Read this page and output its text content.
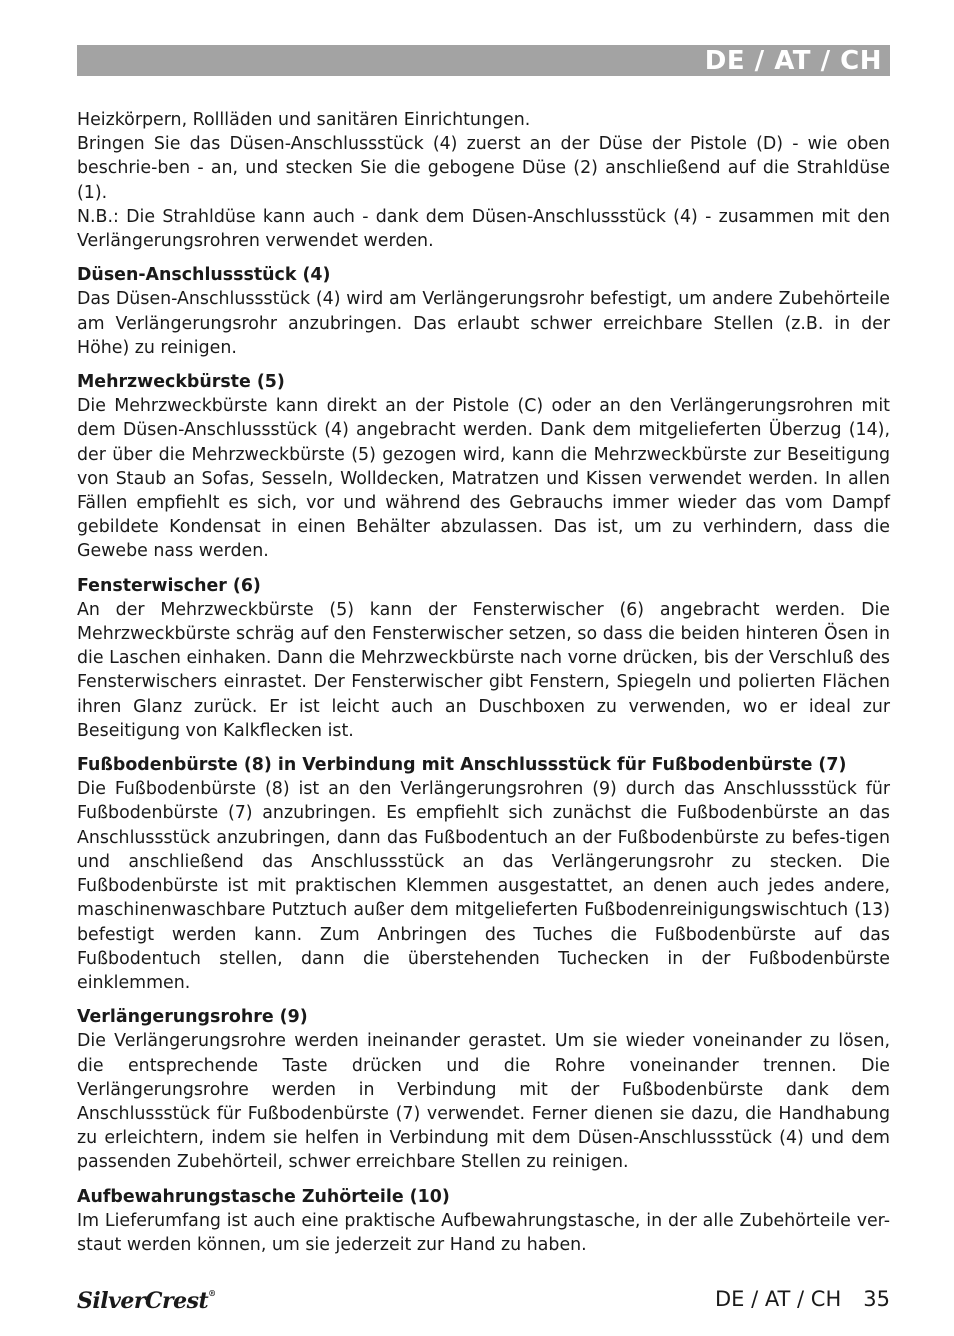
DE / AT / CH

Heizkörpern, Rollläden und sanitären Einrichtungen.

Bringen Sie das Düsen-Anschlussstück (4) zuerst an der Düse der Pistole (D) - wie oben beschrie-ben - an, und stecken Sie die gebogene Düse (2) anschließend auf die Strahldüse (1).

N.B.: Die Strahldüse kann auch - dank dem Düsen-Anschlussstück (4) - zusammen mit den Verlängerungsrohren verwendet werden.

Düsen-Anschlussstück (4)

Das Düsen-Anschlussstück (4) wird am Verlängerungsrohr befestigt, um andere Zubehörteile am Verlängerungsrohr anzubringen. Das erlaubt schwer erreichbare Stellen (z.B. in der Höhe) zu reinigen.

Mehrzweckbürste (5)

Die Mehrzweckbürste kann direkt an der Pistole (C) oder an den Verlängerungsrohren mit dem Düsen-Anschlussstück (4) angebracht werden. Dank dem mitgelieferten Überzug (14), der über die Mehrzweckbürste (5) gezogen wird, kann die Mehrzweckbürste zur Beseitigung von Staub an Sofas, Sesseln, Wolldecken, Matratzen und Kissen verwendet werden. In allen Fällen empfiehlt es sich, vor und während des Gebrauchs immer wieder das vom Dampf gebildete Kondensat in einen Behälter abzulassen. Das ist, um zu verhindern, dass die Gewebe nass werden.

Fensterwischer (6)

An der Mehrzweckbürste (5) kann der Fensterwischer (6) angebracht werden. Die Mehrzweckbürste schräg auf den Fensterwischer setzen, so dass die beiden hinteren Ösen in die Laschen einhaken. Dann die Mehrzweckbürste nach vorne drücken, bis der Verschluß des Fensterwischers einrastet. Der Fensterwischer gibt Fenstern, Spiegeln und polierten Flächen ihren Glanz zurück. Er ist leicht auch an Duschboxen zu verwenden, wo er ideal zur Beseitigung von Kalkflecken ist.

Fußbodenbürste (8) in Verbindung mit Anschlussstück für Fußbodenbürste (7)

Die Fußbodenbürste (8) ist an den Verlängerungsrohren (9) durch das Anschlussstück für Fußbodenbürste (7) anzubringen. Es empfiehlt sich zunächst die Fußbodenbürste an das Anschlussstück anzubringen, dann das Fußbodentuch an der Fußbodenbürste zu befes-tigen und anschließend das Anschlussstück an das Verlängerungsrohr zu stecken. Die Fußbodenbürste ist mit praktischen Klemmen ausgestattet, an denen auch jedes andere, maschinenwaschbare Putztuch außer dem mitgelieferten Fußbodenreinigungswischtuch (13) befestigt werden kann. Zum Anbringen des Tuches die Fußbodenbürste auf das Fußbodentuch stellen, dann die überstehenden Tuchecken in der Fußbodenbürste einklemmen.

Verlängerungsrohre (9)

Die Verlängerungsrohre werden ineinander gerastet. Um sie wieder voneinander zu lösen, die entsprechende Taste drücken und die Rohre voneinander trennen. Die Verlängerungsrohre werden in Verbindung mit der Fußbodenbürste dank dem Anschlussstück für Fußbodenbürste (7) verwendet. Ferner dienen sie dazu, die Handhabung zu erleichtern, indem sie helfen in Verbindung mit dem Düsen-Anschlussstück (4) und dem passenden Zubehörteil, schwer erreichbare Stellen zu reinigen.

Aufbewahrungstasche Zuhörteile (10)

Im Lieferumfang ist auch eine praktische Aufbewahrungstasche, in der alle Zubehörteile ver-staut werden können, um sie jederzeit zur Hand zu haben.

SilverCrest®	DE / AT / CH 35
